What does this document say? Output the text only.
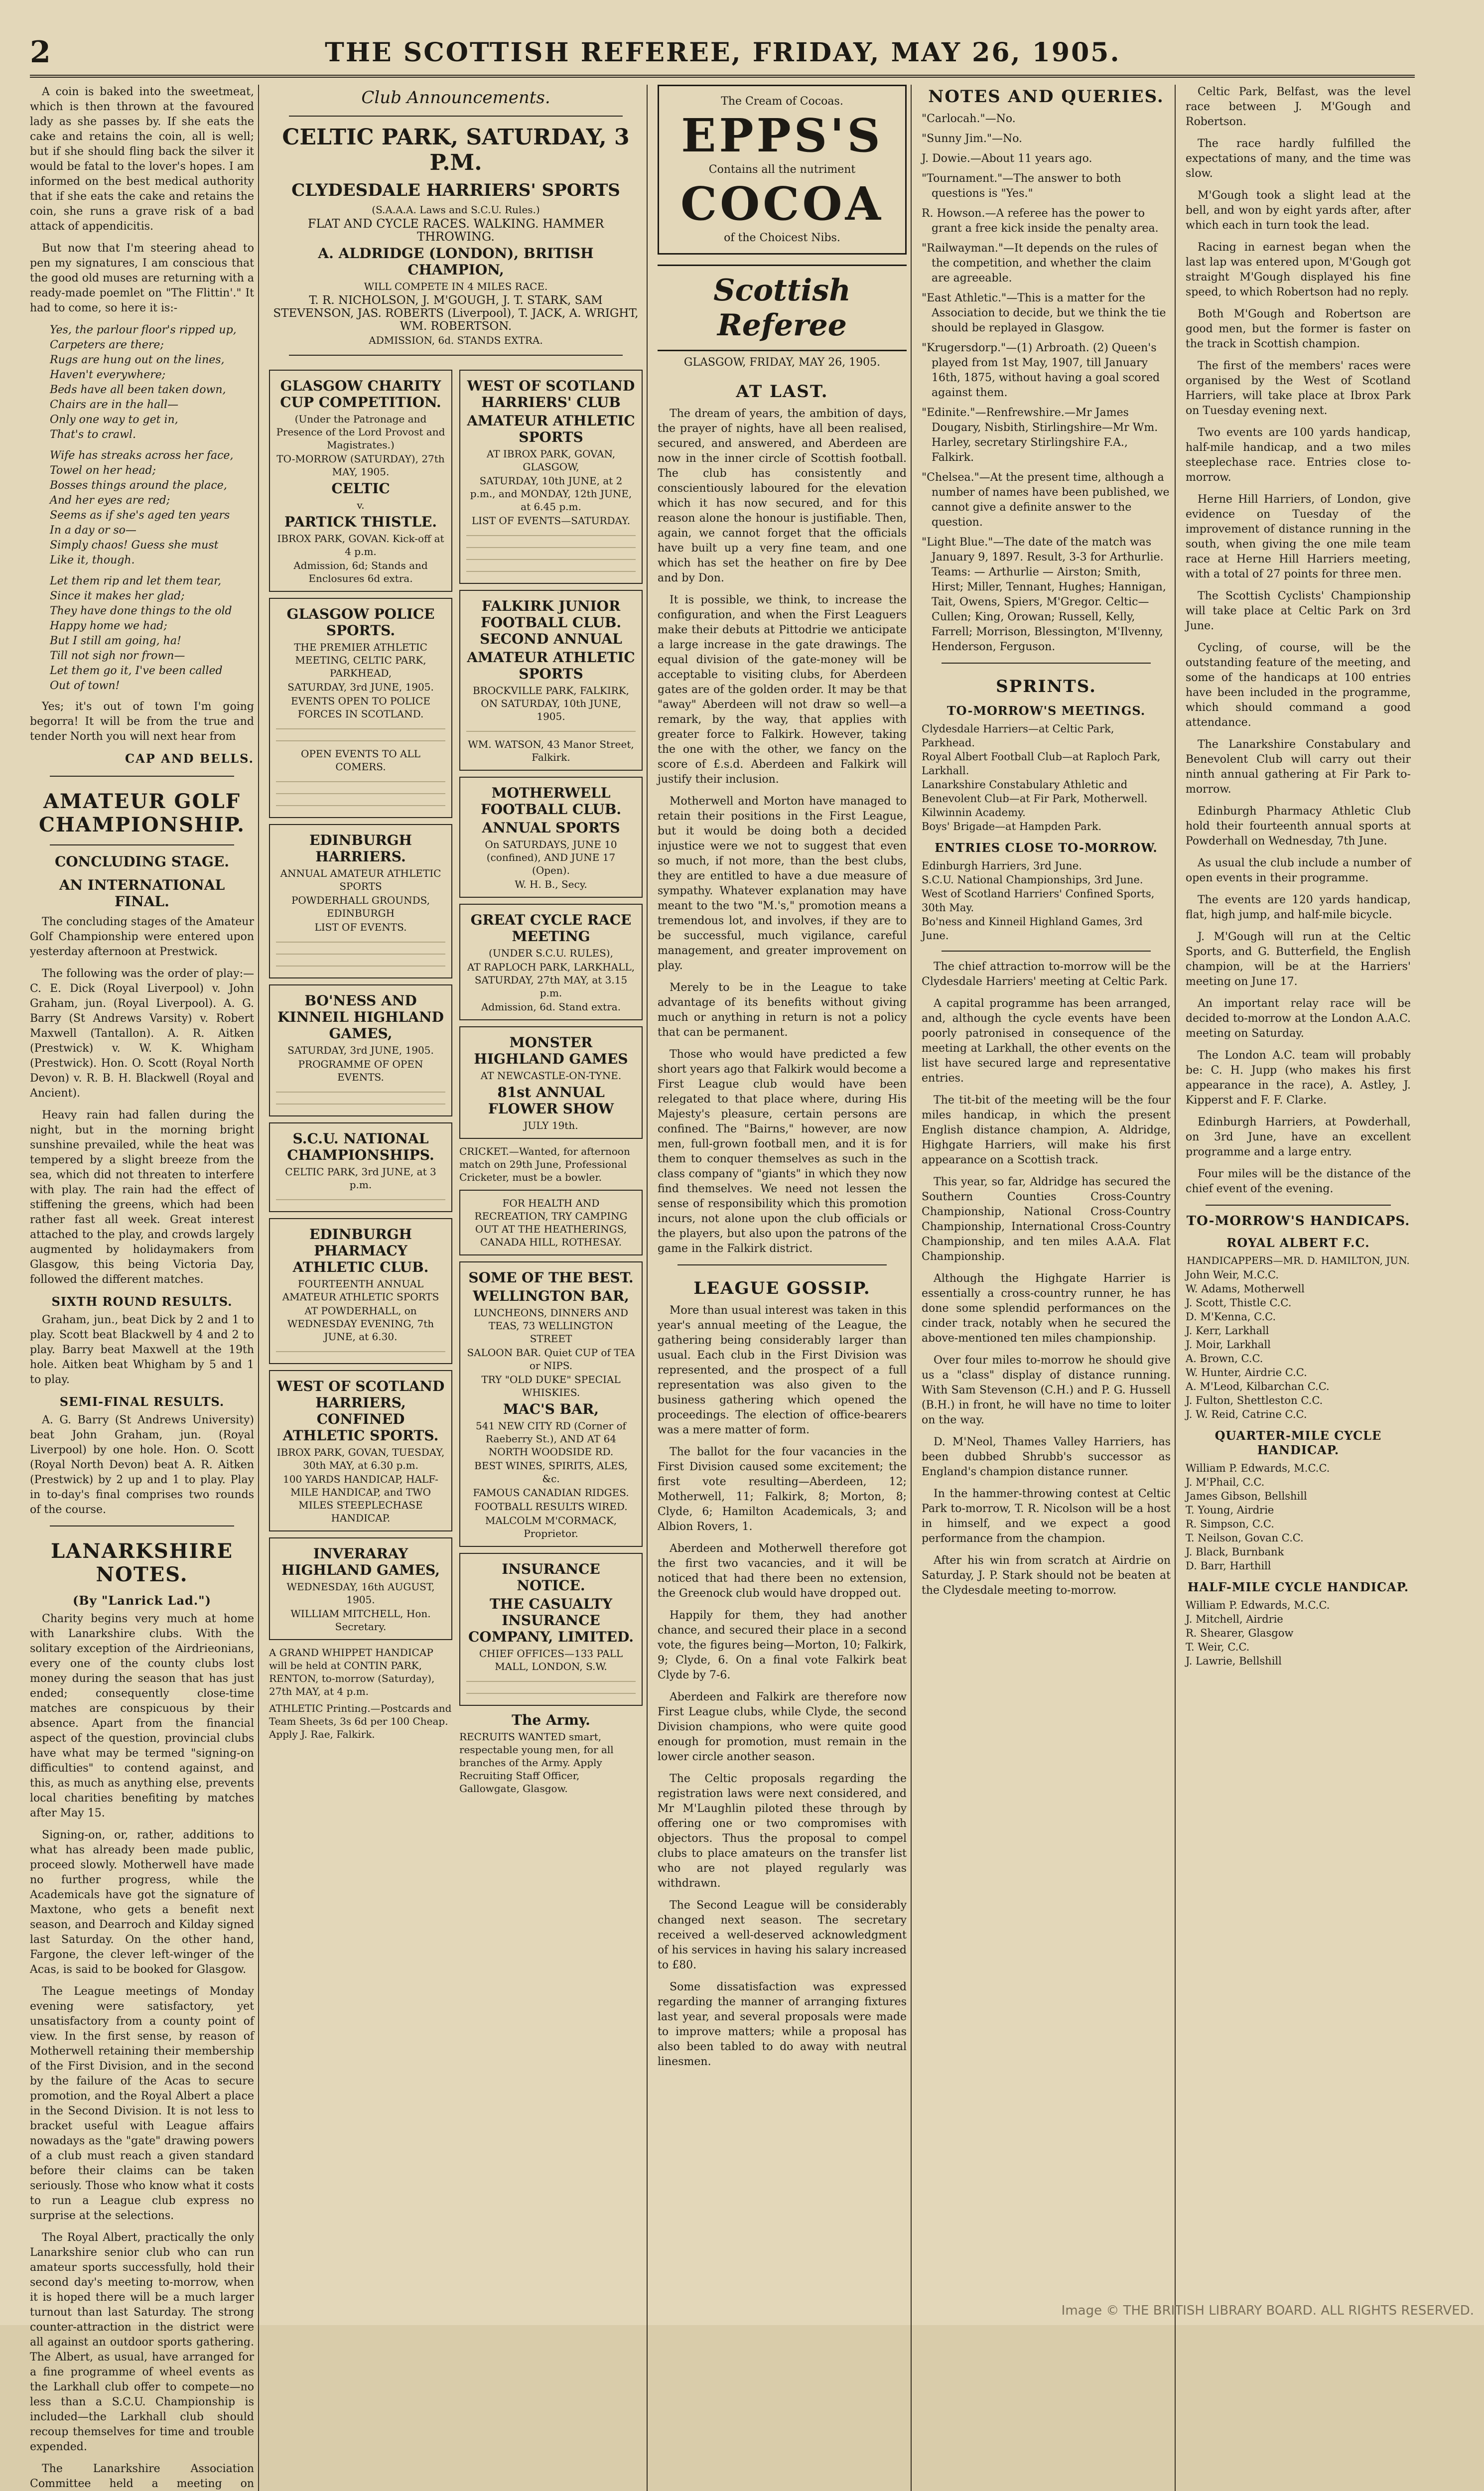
2	THE SCOTTISH REFEREE, FRIDAY, MAY 26, 1905.

A coin is baked into the sweetmeat, which is then thrown at the favoured lady as she passes by. If she eats the cake and retains the coin, all is well; but if she should fling back the silver it would be fatal to the lover's hopes. I am informed on the best medical authority that if she eats the cake and retains the coin, she runs a grave risk of a bad attack of appendicitis.

But now that I'm steering ahead to pen my signatures, I am conscious that the good old muses are returning with a ready-made poemlet on "The Flittin'." It had to come, so here it is:-

Yes, the parlour floor's ripped up,
Carpeters are there;
Rugs are hung out on the lines,
Haven't everywhere;
Beds have all been taken down,
Chairs are in the hall—
Only one way to get in,
That's to crawl.

Wife has streaks across her face,
Towel on her head;
Bosses things around the place,
And her eyes are red;
Seems as if she's aged ten years
In a day or so—
Simply chaos! Guess she must
Like it, though.

Let them rip and let them tear,
Since it makes her glad;
They have done things to the old
Happy home we had;
But I still am going, ha!
Till not sigh nor frown—
Let them go it, I've been called
Out of town!

Yes; it's out of town I'm going begorra! It will be from the true and tender North you will next hear from

CAP AND BELLS.
AMATEUR GOLF CHAMPIONSHIP.
CONCLUDING STAGE.
AN INTERNATIONAL FINAL.

The concluding stages of the Amateur Golf Championship were entered upon yesterday afternoon at Prestwick.

The following was the order of play:— C. E. Dick (Royal Liverpool) v. John Graham, jun. (Royal Liverpool). A. G. Barry (St Andrews Varsity) v. Robert Maxwell (Tantallon). A. R. Aitken (Prestwick) v. W. K. Whigham (Prestwick). Hon. O. Scott (Royal North Devon) v. R. B. H. Blackwell (Royal and Ancient).

Heavy rain had fallen during the night, but in the morning bright sunshine prevailed, while the heat was tempered by a slight breeze from the sea, which did not threaten to interfere with play. The rain had the effect of stiffening the greens, which had been rather fast all week. Great interest attached to the play, and crowds largely augmented by holidaymakers from Glasgow, this being Victoria Day, followed the different matches.

SIXTH ROUND RESULTS.

Graham, jun., beat Dick by 2 and 1 to play. Scott beat Blackwell by 4 and 2 to play. Barry beat Maxwell at the 19th hole. Aitken beat Whigham by 5 and 1 to play.

SEMI-FINAL RESULTS.

A. G. Barry (St Andrews University) beat John Graham, jun. (Royal Liverpool) by one hole. Hon. O. Scott (Royal North Devon) beat A. R. Aitken (Prestwick) by 2 up and 1 to play. Play in to-day's final comprises two rounds of the course.

LANARKSHIRE NOTES.
(By "Lanrick Lad.")

Charity begins very much at home with Lanarkshire clubs. With the solitary exception of the Airdrieonians, every one of the county clubs lost money during the season that has just ended; consequently close-time matches are conspicuous by their absence. Apart from the financial aspect of the question, provincial clubs have what may be termed "signing-on difficulties" to contend against, and this, as much as anything else, prevents local charities benefiting by matches after May 15.

Signing-on, or, rather, additions to what has already been made public, proceed slowly. Motherwell have made no further progress, while the Academicals have got the signature of Maxtone, who gets a benefit next season, and Dearroch and Kilday signed last Saturday. On the other hand, Fargone, the clever left-winger of the Acas, is said to be booked for Glasgow.

The League meetings of Monday evening were satisfactory, yet unsatisfactory from a county point of view. In the first sense, by reason of Motherwell retaining their membership of the First Division, and in the second by the failure of the Acas to secure promotion, and the Royal Albert a place in the Second Division. It is not less to bracket useful with League affairs nowadays as the "gate" drawing powers of a club must reach a given standard before their claims can be taken seriously. Those who know what it costs to run a League club express no surprise at the selections.

The Royal Albert, practically the only Lanarkshire senior club who can run amateur sports successfully, hold their second day's meeting to-morrow, when it is hoped there will be a much larger turnout than last Saturday. The strong counter-attraction in the district were all against an outdoor sports gathering. The Albert, as usual, have arranged for a fine programme of wheel events as the Larkhall club offer to compete—no less than a S.C.U. Championship is included—the Larkhall club should recoup themselves for time and trouble expended.

The Lanarkshire Association Committee held a meeting on

Club Announcements.
CELTIC PARK, SATURDAY, 3 P.M.
CLYDESDALE HARRIERS' SPORTS
(S.A.A.A. Laws and S.C.U. Rules.)
FLAT AND CYCLE RACES. WALKING. HAMMER THROWING.
A. ALDRIDGE (LONDON), BRITISH CHAMPION,
WILL COMPETE IN 4 MILES RACE.
T. R. NICHOLSON, J. M'GOUGH, J. T. STARK, SAM STEVENSON, JAS. ROBERTS (Liverpool), T. JACK, A. WRIGHT, WM. ROBERTSON.
ADMISSION, 6d. STANDS EXTRA.
GLASGOW CHARITY CUP COMPETITION.
(Under the Patronage and Presence of the Lord Provost and Magistrates.)
TO-MORROW (SATURDAY), 27th MAY, 1905.
CELTIC
v.
PARTICK THISTLE.
IBROX PARK, GOVAN. Kick-off at 4 p.m.
Admission, 6d; Stands and Enclosures 6d extra.
GLASGOW POLICE SPORTS.
THE PREMIER ATHLETIC MEETING, CELTIC PARK, PARKHEAD,
SATURDAY, 3rd JUNE, 1905.
EVENTS OPEN TO POLICE FORCES IN SCOTLAND.
OPEN EVENTS TO ALL COMERS.
EDINBURGH HARRIERS.
ANNUAL AMATEUR ATHLETIC SPORTS
POWDERHALL GROUNDS, EDINBURGH
LIST OF EVENTS.
BO'NESS AND KINNEIL HIGHLAND GAMES,
SATURDAY, 3rd JUNE, 1905.
PROGRAMME OF OPEN EVENTS.
S.C.U. NATIONAL CHAMPIONSHIPS.
CELTIC PARK, 3rd JUNE, at 3 p.m.
EDINBURGH PHARMACY ATHLETIC CLUB.
FOURTEENTH ANNUAL AMATEUR ATHLETIC SPORTS
AT POWDERHALL, on WEDNESDAY EVENING, 7th JUNE, at 6.30.
WEST OF SCOTLAND HARRIERS, CONFINED ATHLETIC SPORTS.
IBROX PARK, GOVAN, TUESDAY, 30th MAY, at 6.30 p.m.
100 YARDS HANDICAP, HALF-MILE HANDICAP, and TWO MILES STEEPLECHASE HANDICAP.
INVERARAY HIGHLAND GAMES,
WEDNESDAY, 16th AUGUST, 1905.
WILLIAM MITCHELL, Hon. Secretary.
A GRAND WHIPPET HANDICAP will be held at CONTIN PARK, RENTON, to-morrow (Saturday), 27th MAY, at 4 p.m.
ATHLETIC Printing.—Postcards and Team Sheets, 3s 6d per 100 Cheap. Apply J. Rae, Falkirk.
WEST OF SCOTLAND HARRIERS' CLUB
AMATEUR ATHLETIC SPORTS
AT IBROX PARK, GOVAN, GLASGOW,
SATURDAY, 10th JUNE, at 2 p.m., and MONDAY, 12th JUNE, at 6.45 p.m.
LIST OF EVENTS—SATURDAY.
FALKIRK JUNIOR FOOTBALL CLUB. SECOND ANNUAL
AMATEUR ATHLETIC SPORTS
BROCKVILLE PARK, FALKIRK, ON SATURDAY, 10th JUNE, 1905.
WM. WATSON, 43 Manor Street, Falkirk.
MOTHERWELL FOOTBALL CLUB.
ANNUAL SPORTS
On SATURDAYS, JUNE 10 (confined), AND JUNE 17 (Open).
W. H. B., Secy.
GREAT CYCLE RACE MEETING
(UNDER S.C.U. RULES),
AT RAPLOCH PARK, LARKHALL, SATURDAY, 27th MAY, at 3.15 p.m.
Admission, 6d. Stand extra.
MONSTER HIGHLAND GAMES
AT NEWCASTLE-ON-TYNE.
81st ANNUAL FLOWER SHOW
JULY 19th.
CRICKET.—Wanted, for afternoon match on 29th June, Professional Cricketer, must be a bowler.
FOR HEALTH AND RECREATION, TRY CAMPING OUT AT THE HEATHERINGS, CANADA HILL, ROTHESAY.
SOME OF THE BEST.
WELLINGTON BAR,
LUNCHEONS, DINNERS AND TEAS, 73 WELLINGTON STREET
SALOON BAR. Quiet CUP of TEA or NIPS.
TRY "OLD DUKE" SPECIAL WHISKIES.
MAC'S BAR,
541 NEW CITY RD (Corner of Raeberry St.), AND AT 64 NORTH WOODSIDE RD.
BEST WINES, SPIRITS, ALES, &c.
FAMOUS CANADIAN RIDGES.
FOOTBALL RESULTS WIRED.
MALCOLM M'CORMACK, Proprietor.
INSURANCE NOTICE.
THE CASUALTY INSURANCE COMPANY, LIMITED.
CHIEF OFFICES—133 PALL MALL, LONDON, S.W.
The Army.
RECRUITS WANTED smart, respectable young men, for all branches of the Army. Apply Recruiting Staff Officer, Gallowgate, Glasgow.
The Cream of Cocoas.
EPPS'S
Contains all the nutriment
COCOA
of the Choicest Nibs.
Scottish Referee
GLASGOW, FRIDAY, MAY 26, 1905.
AT LAST.

The dream of years, the ambition of days, the prayer of nights, have all been realised, secured, and answered, and Aberdeen are now in the inner circle of Scottish football. The club has consistently and conscientiously laboured for the elevation which it has now secured, and for this reason alone the honour is justifiable. Then, again, we cannot forget that the officials have built up a very fine team, and one which has set the heather on fire by Dee and by Don.

It is possible, we think, to increase the configuration, and when the First Leaguers make their debuts at Pittodrie we anticipate a large increase in the gate drawings. The equal division of the gate-money will be acceptable to visiting clubs, for Aberdeen gates are of the golden order. It may be that "away" Aberdeen will not draw so well—a remark, by the way, that applies with greater force to Falkirk. However, taking the one with the other, we fancy on the score of £.s.d. Aberdeen and Falkirk will justify their inclusion.

Motherwell and Morton have managed to retain their positions in the First League, but it would be doing both a decided injustice were we not to suggest that even so much, if not more, than the best clubs, they are entitled to have a due measure of sympathy. Whatever explanation may have meant to the two "M.'s," promotion means a tremendous lot, and involves, if they are to be successful, much vigilance, careful management, and greater improvement on play.

Merely to be in the League to take advantage of its benefits without giving much or anything in return is not a policy that can be permanent.

Those who would have predicted a few short years ago that Falkirk would become a First League club would have been relegated to that place where, during His Majesty's pleasure, certain persons are confined. The "Bairns," however, are now men, full-grown football men, and it is for them to conquer themselves as such in the class company of "giants" in which they now find themselves. We need not lessen the sense of responsibility which this promotion incurs, not alone upon the club officials or the players, but also upon the patrons of the game in the Falkirk district.

LEAGUE GOSSIP.

More than usual interest was taken in this year's annual meeting of the League, the gathering being considerably larger than usual. Each club in the First Division was represented, and the prospect of a full representation was also given to the business gathering which opened the proceedings. The election of office-bearers was a mere matter of form.

The ballot for the four vacancies in the First Division caused some excitement; the first vote resulting—Aberdeen, 12; Motherwell, 11; Falkirk, 8; Morton, 8; Clyde, 6; Hamilton Academicals, 3; and Albion Rovers, 1.

Aberdeen and Motherwell therefore got the first two vacancies, and it will be noticed that had there been no extension, the Greenock club would have dropped out.

Happily for them, they had another chance, and secured their place in a second vote, the figures being—Morton, 10; Falkirk, 9; Clyde, 6. On a final vote Falkirk beat Clyde by 7-6.

Aberdeen and Falkirk are therefore now First League clubs, while Clyde, the second Division champions, who were quite good enough for promotion, must remain in the lower circle another season.

The Celtic proposals regarding the registration laws were next considered, and Mr M'Laughlin piloted these through by offering one or two compromises with objectors. Thus the proposal to compel clubs to place amateurs on the transfer list who are not played regularly was withdrawn.

The Second League will be considerably changed next season. The secretary received a well-deserved acknowledgment of his services in having his salary increased to £80.

Some dissatisfaction was expressed regarding the manner of arranging fixtures last year, and several proposals were made to improve matters; while a proposal has also been tabled to do away with neutral linesmen.

NOTES AND QUERIES.

"Carlocah."—No.

"Sunny Jim."—No.

J. Dowie.—About 11 years ago.

"Tournament."—The answer to both questions is "Yes."

R. Howson.—A referee has the power to grant a free kick inside the penalty area.

"Railwayman."—It depends on the rules of the competition, and whether the claim are agreeable.

"East Athletic."—This is a matter for the Association to decide, but we think the tie should be replayed in Glasgow.

"Krugersdorp."—(1) Arbroath. (2) Queen's played from 1st May, 1907, till January 16th, 1875, without having a goal scored against them.

"Edinite."—Renfrewshire.—Mr James Dougary, Nisbith, Stirlingshire—Mr Wm. Harley, secretary Stirlingshire F.A., Falkirk.

"Chelsea."—At the present time, although a number of names have been published, we cannot give a definite answer to the question.

"Light Blue."—The date of the match was January 9, 1897. Result, 3-3 for Arthurlie. Teams: — Arthurlie — Airston; Smith, Hirst; Miller, Tennant, Hughes; Hannigan, Tait, Owens, Spiers, M'Gregor. Celtic—Cullen; King, Orowan; Russell, Kelly, Farrell; Morrison, Blessington, M'Ilvenny, Henderson, Ferguson.

SPRINTS.
TO-MORROW'S MEETINGS.
Clydesdale Harriers—at Celtic Park, Parkhead.
Royal Albert Football Club—at Raploch Park, Larkhall.
Lanarkshire Constabulary Athletic and Benevolent Club—at Fir Park, Motherwell.
Kilwinnin Academy.
Boys' Brigade—at Hampden Park.
ENTRIES CLOSE TO-MORROW.
Edinburgh Harriers, 3rd June.
S.C.U. National Championships, 3rd June.
West of Scotland Harriers' Confined Sports, 30th May.
Bo'ness and Kinneil Highland Games, 3rd June.

The chief attraction to-morrow will be the Clydesdale Harriers' meeting at Celtic Park.

A capital programme has been arranged, and, although the cycle events have been poorly patronised in consequence of the meeting at Larkhall, the other events on the list have secured large and representative entries.

The tit-bit of the meeting will be the four miles handicap, in which the present English distance champion, A. Aldridge, Highgate Harriers, will make his first appearance on a Scottish track.

This year, so far, Aldridge has secured the Southern Counties Cross-Country Championship, National Cross-Country Championship, International Cross-Country Championship, and ten miles A.A.A. Flat Championship.

Although the Highgate Harrier is essentially a cross-country runner, he has done some splendid performances on the cinder track, notably when he secured the above-mentioned ten miles championship.

Over four miles to-morrow he should give us a "class" display of distance running. With Sam Stevenson (C.H.) and P. G. Hussell (B.H.) in front, he will have no time to loiter on the way.

D. M'Neol, Thames Valley Harriers, has been dubbed Shrubb's successor as England's champion distance runner.

In the hammer-throwing contest at Celtic Park to-morrow, T. R. Nicolson will be a host in himself, and we expect a good performance from the champion.

After his win from scratch at Airdrie on Saturday, J. P. Stark should not be beaten at the Clydesdale meeting to-morrow.

Celtic Park, Belfast, was the level race between J. M'Gough and Robertson.

The race hardly fulfilled the expectations of many, and the time was slow.

M'Gough took a slight lead at the bell, and won by eight yards after, after which each in turn took the lead.

Racing in earnest began when the last lap was entered upon, M'Gough got straight M'Gough displayed his fine speed, to which Robertson had no reply.

Both M'Gough and Robertson are good men, but the former is faster on the track in Scottish champion.

The first of the members' races were organised by the West of Scotland Harriers, will take place at Ibrox Park on Tuesday evening next.

Two events are 100 yards handicap, half-mile handicap, and a two miles steeplechase race. Entries close to-morrow.

Herne Hill Harriers, of London, give evidence on Tuesday of the improvement of distance running in the south, when giving the one mile team race at Herne Hill Harriers meeting, with a total of 27 points for three men.

The Scottish Cyclists' Championship will take place at Celtic Park on 3rd June.

Cycling, of course, will be the outstanding feature of the meeting, and some of the handicaps at 100 entries have been included in the programme, which should command a good attendance.

The Lanarkshire Constabulary and Benevolent Club will carry out their ninth annual gathering at Fir Park to-morrow.

Edinburgh Pharmacy Athletic Club hold their fourteenth annual sports at Powderhall on Wednesday, 7th June.

As usual the club include a number of open events in their programme.

The events are 120 yards handicap, flat, high jump, and half-mile bicycle.

J. M'Gough will run at the Celtic Sports, and G. Butterfield, the English champion, will be at the Harriers' meeting on June 17.

An important relay race will be decided to-morrow at the London A.A.C. meeting on Saturday.

The London A.C. team will probably be: C. H. Jupp (who makes his first appearance in the race), A. Astley, J. Kipperst and F. F. Clarke.

Edinburgh Harriers, at Powderhall, on 3rd June, have an excellent programme and a large entry.

Four miles will be the distance of the chief event of the evening.

TO-MORROW'S HANDICAPS.
ROYAL ALBERT F.C.
HANDICAPPERS—MR. D. HAMILTON, JUN.
John Weir, M.C.C.
W. Adams, Motherwell
J. Scott, Thistle C.C.
D. M'Kenna, C.C.
J. Kerr, Larkhall
J. Moir, Larkhall
A. Brown, C.C.
W. Hunter, Airdrie C.C.
A. M'Leod, Kilbarchan C.C.
J. Fulton, Shettleston C.C.
J. W. Reid, Catrine C.C.
QUARTER-MILE CYCLE HANDICAP.
William P. Edwards, M.C.C.
J. M'Phail, C.C.
James Gibson, Bellshill
T. Young, Airdrie
R. Simpson, C.C.
T. Neilson, Govan C.C.
J. Black, Burnbank
D. Barr, Harthill
HALF-MILE CYCLE HANDICAP.
William P. Edwards, M.C.C.
J. Mitchell, Airdrie
R. Shearer, Glasgow
T. Weir, C.C.
J. Lawrie, Bellshill
Image © THE BRITISH LIBRARY BOARD. ALL RIGHTS RESERVED.
